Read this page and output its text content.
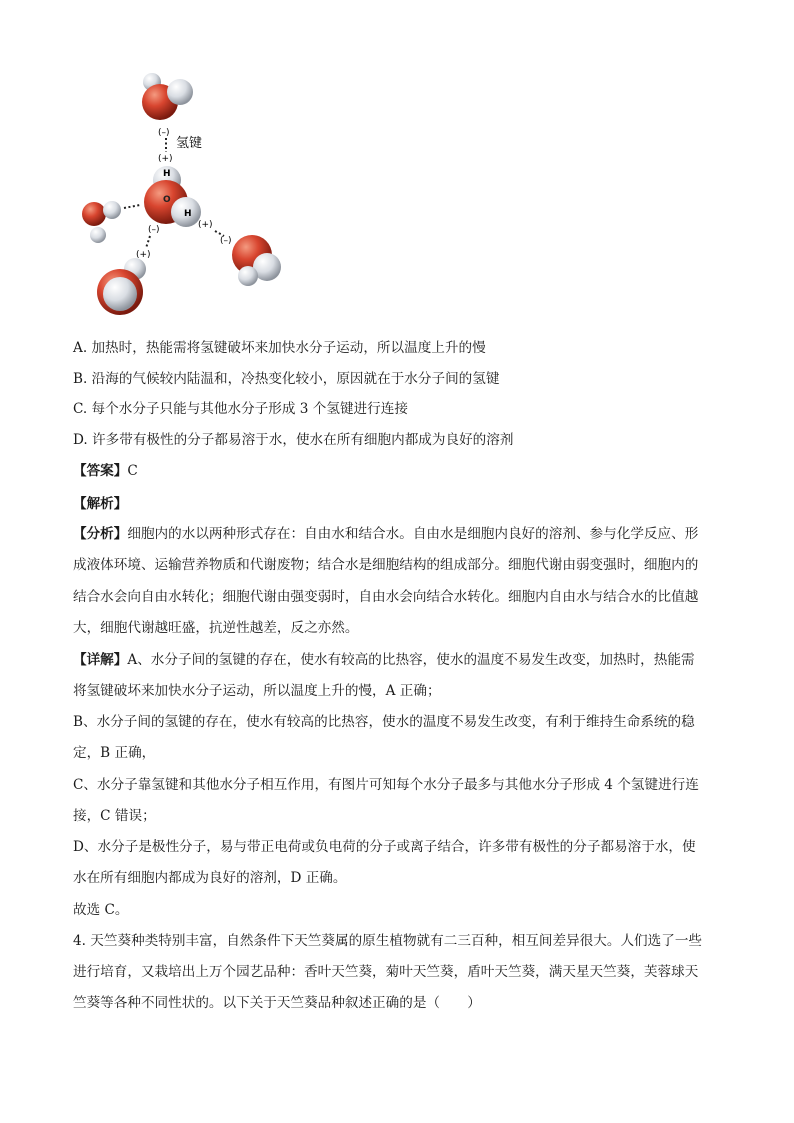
(–)
氢键
(+)
H
O
H
(–)
(+)
(+)
(–)
A. 加热时，热能需将氢键破坏来加快水分子运动，所以温度上升的慢
B. 沿海的气候较内陆温和，冷热变化较小，原因就在于水分子间的氢键
C. 每个水分子只能与其他水分子形成 3 个氢键进行连接
D. 许多带有极性的分子都易溶于水，使水在所有细胞内都成为良好的溶剂
【答案】C
【解析】
【分析】细胞内的水以两种形式存在：自由水和结合水。自由水是细胞内良好的溶剂、参与化学反应、形
成液体环境、运输营养物质和代谢废物；结合水是细胞结构的组成部分。细胞代谢由弱变强时，细胞内的
结合水会向自由水转化；细胞代谢由强变弱时，自由水会向结合水转化。细胞内自由水与结合水的比值越
大，细胞代谢越旺盛，抗逆性越差，反之亦然。
【详解】A、水分子间的氢键的存在，使水有较高的比热容，使水的温度不易发生改变，加热时，热能需
将氢键破坏来加快水分子运动，所以温度上升的慢，A 正确；
B、水分子间的氢键的存在，使水有较高的比热容，使水的温度不易发生改变，有利于维持生命系统的稳
定，B 正确，
C、水分子靠氢键和其他水分子相互作用，有图片可知每个水分子最多与其他水分子形成 4 个氢键进行连
接，C 错误；
D、水分子是极性分子，易与带正电荷或负电荷的分子或离子结合，许多带有极性的分子都易溶于水，使
水在所有细胞内都成为良好的溶剂，D 正确。
故选 C。
4. 天竺葵种类特别丰富，自然条件下天竺葵属的原生植物就有二三百种，相互间差异很大。人们选了一些
进行培育，又栽培出上万个园艺品种：香叶天竺葵，菊叶天竺葵，盾叶天竺葵，满天星天竺葵，芙蓉球天
竺葵等各种不同性状的。以下关于天竺葵品种叙述正确的是（　　）
